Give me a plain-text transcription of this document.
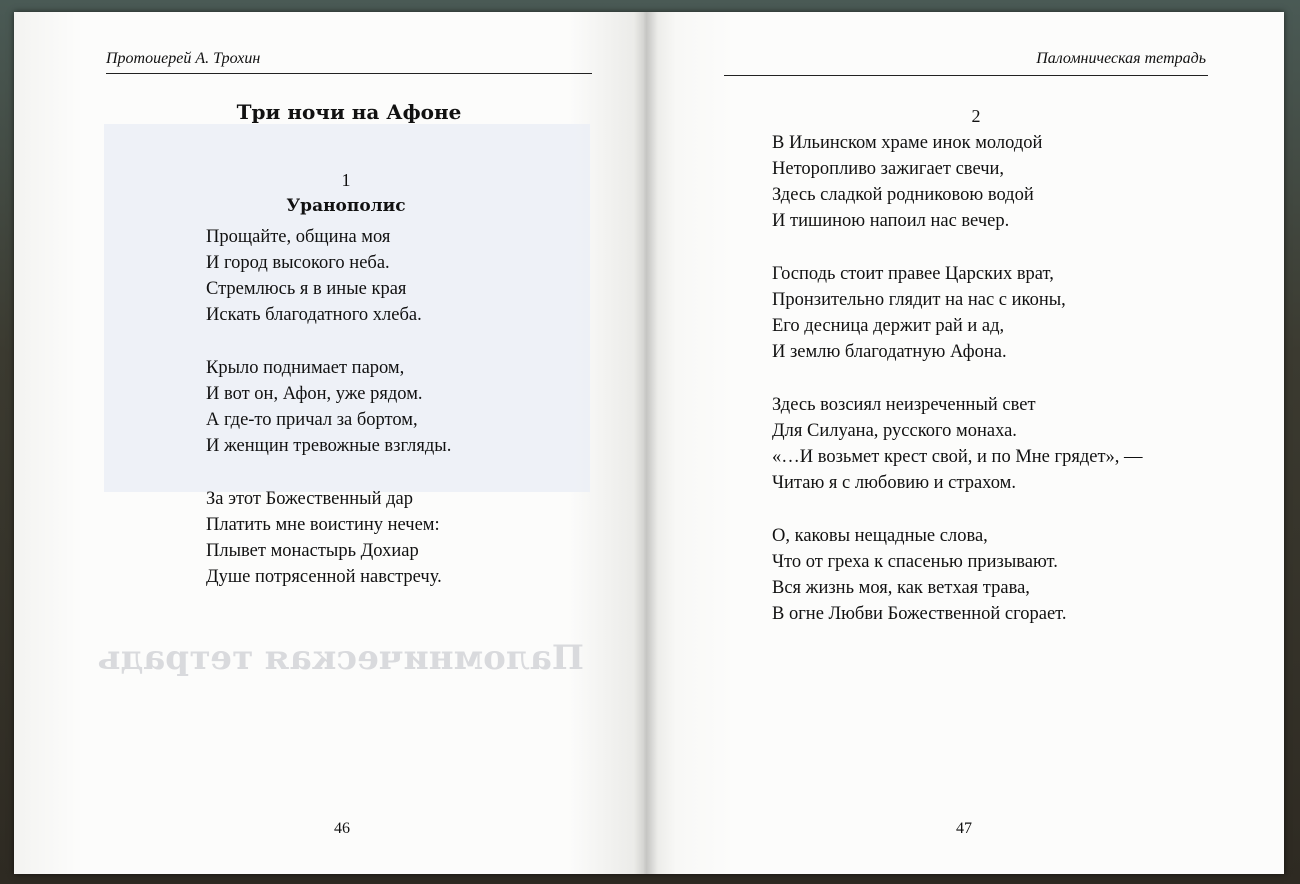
Паломническая тетрадь
Протоиерей А. Трохин
Три ночи на Афоне
1
Уранополис
Прощайте, община моя
И город высокого неба.
Стремлюсь я в иные края
Искать благодатного хлеба.
Крыло поднимает паром,
И вот он, Афон, уже рядом.
А где-то причал за бортом,
И женщин тревожные взгляды.
За этот Божественный дар
Платить мне воистину нечем:
Плывет монастырь Дохиар
Душе потрясенной навстречу.
46
Паломническая тетрадь
2
В Ильинском храме инок молодой
Неторопливо зажигает свечи,
Здесь сладкой родниковою водой
И тишиною напоил нас вечер.
Господь стоит правее Царских врат,
Пронзительно глядит на нас с иконы,
Его десница держит рай и ад,
И землю благодатную Афона.
Здесь возсиял неизреченный свет
Для Силуана, русского монаха.
«…И возьмет крест свой, и по Мне грядет», —
Читаю я с любовию и страхом.
О, каковы нещадные слова,
Что от греха к спасенью призывают.
Вся жизнь моя, как ветхая трава,
В огне Любви Божественной сгорает.
47
